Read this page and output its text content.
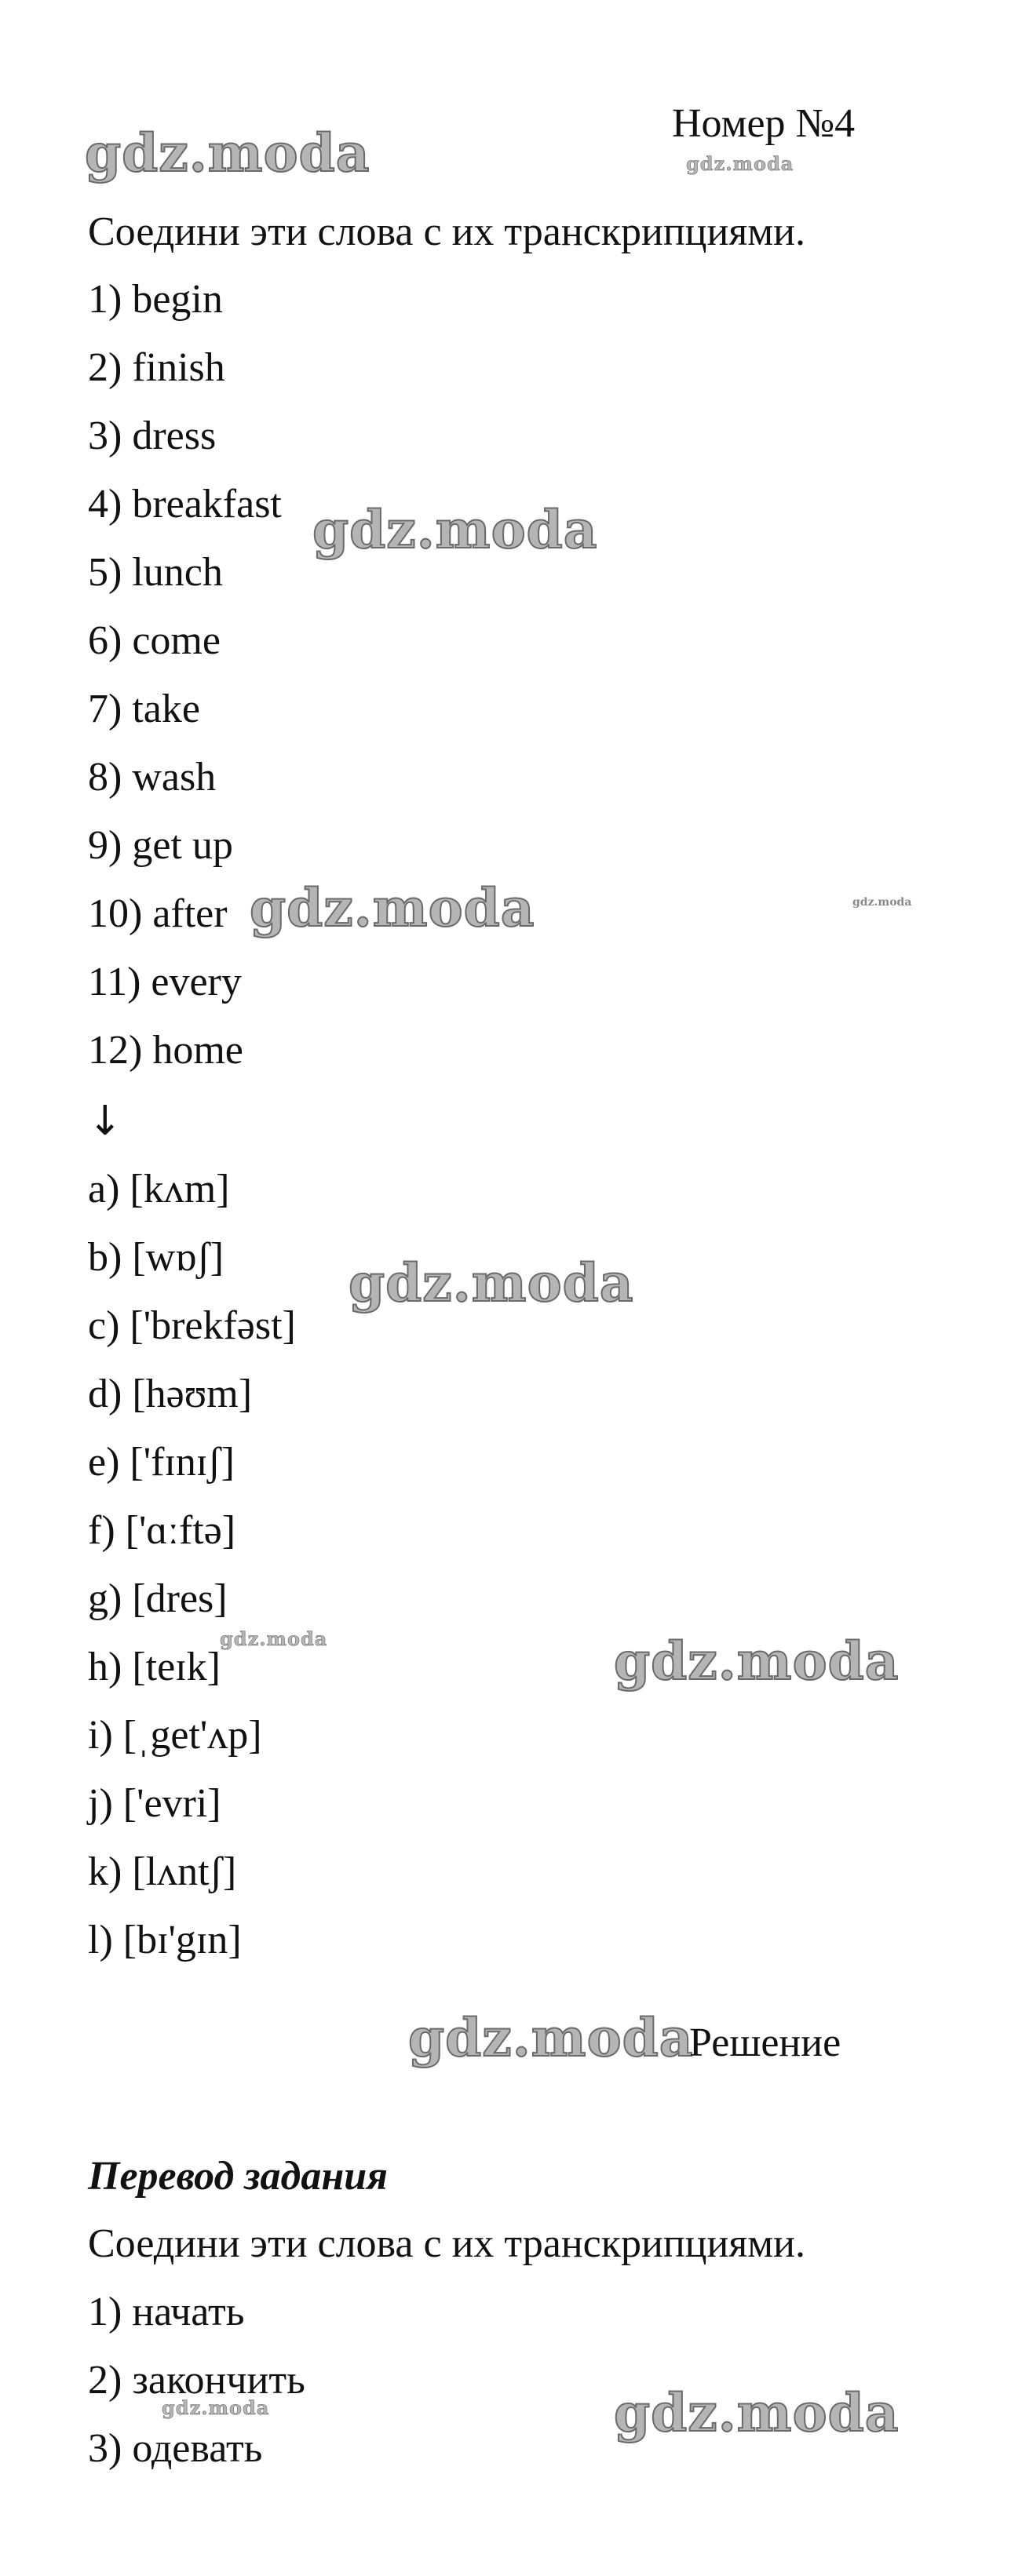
gdz.moda	gdz.moda
gdz.moda
gdz.moda	gdz.moda
gdz.moda
gdz.moda	gdz.moda
gdz.moda
gdz.moda	gdz.moda
Номер №4
Соедини эти слова с их транскрипциями.
1) begin
2) finish
3) dress
4) breakfast
5) lunch
6) come
7) take
8) wash
9) get up
10) after
11) every
12) home
↓
a) [kʌm]
b) [wɒʃ]
c) ['brekfəst]
d) [həʊm]
e) ['fɪnɪʃ]
f) ['ɑːftə]
g) [dres]
h) [teɪk]
i) [ˌget'ʌp]
j) ['evri]
k) [lʌntʃ]
l) [bɪ'gɪn]
Решение
Перевод задания
Соедини эти слова с их транскрипциями.
1) начать
2) закончить
3) одевать
